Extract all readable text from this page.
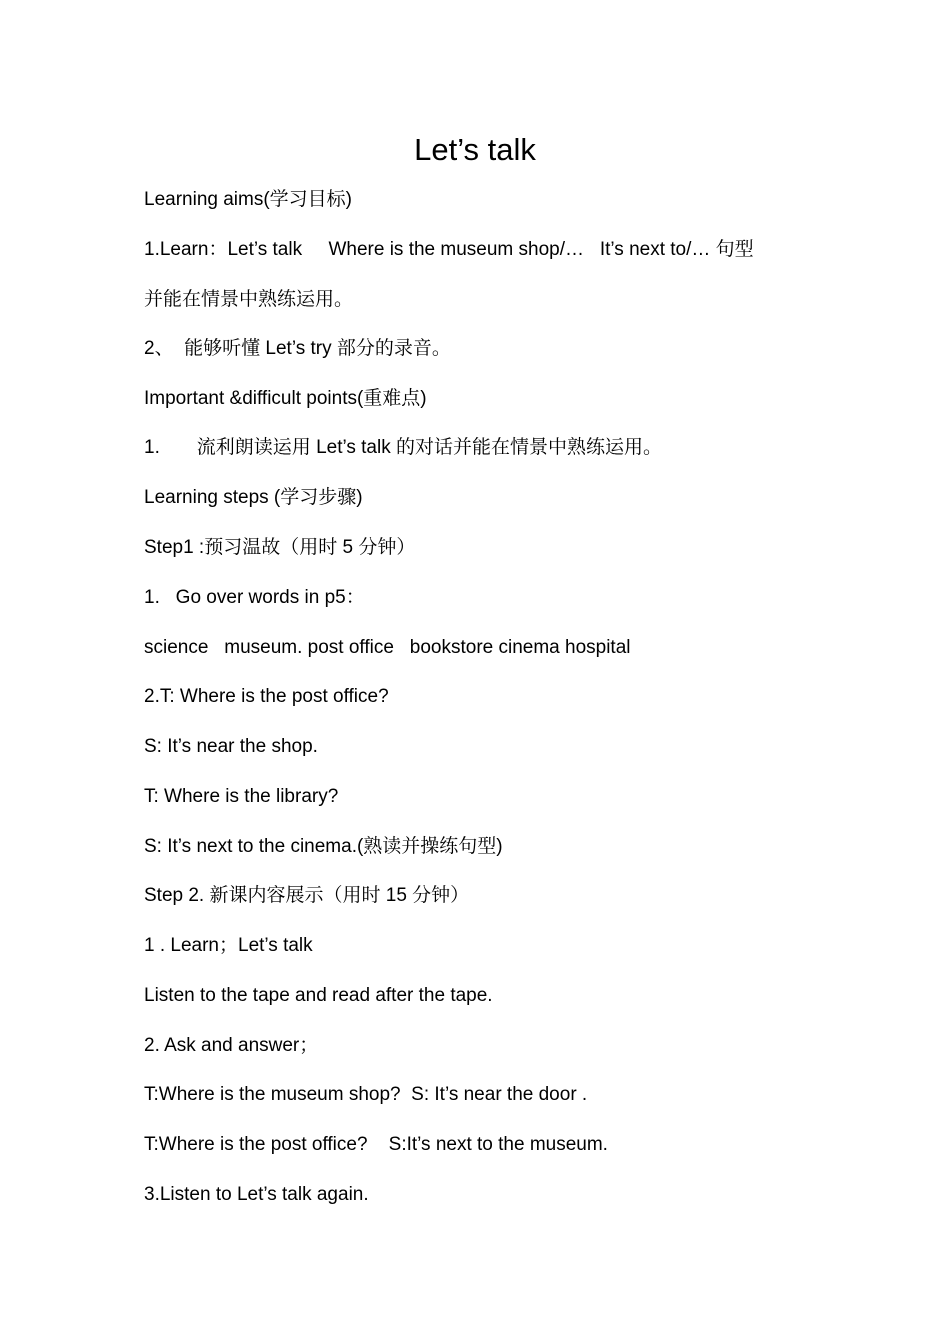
Let’s talk
Learning aims(学习目标)
1.Learn：Let’s talk     Where is the museum shop/…   It’s next to/… 句型
并能在情景中熟练运用。
2、  能够听懂 Let’s try 部分的录音。
Important &difficult points(重难点)
1.       流利朗读运用 Let’s talk 的对话并能在情景中熟练运用。
Learning steps (学习步骤)
Step1 :预习温故（用时 5 分钟）
1.   Go over words in p5：
science   museum. post office   bookstore cinema hospital
2.T: Where is the post office?
S: It’s near the shop.
T: Where is the library?
S: It’s next to the cinema.(熟读并操练句型)
Step 2. 新课内容展示（用时 15 分钟）
1 . Learn；Let’s talk
Listen to the tape and read after the tape.
2. Ask and answer；
T:Where is the museum shop?  S: It’s near the door .
T:Where is the post office?    S:It’s next to the museum.
3.Listen to Let’s talk again.
